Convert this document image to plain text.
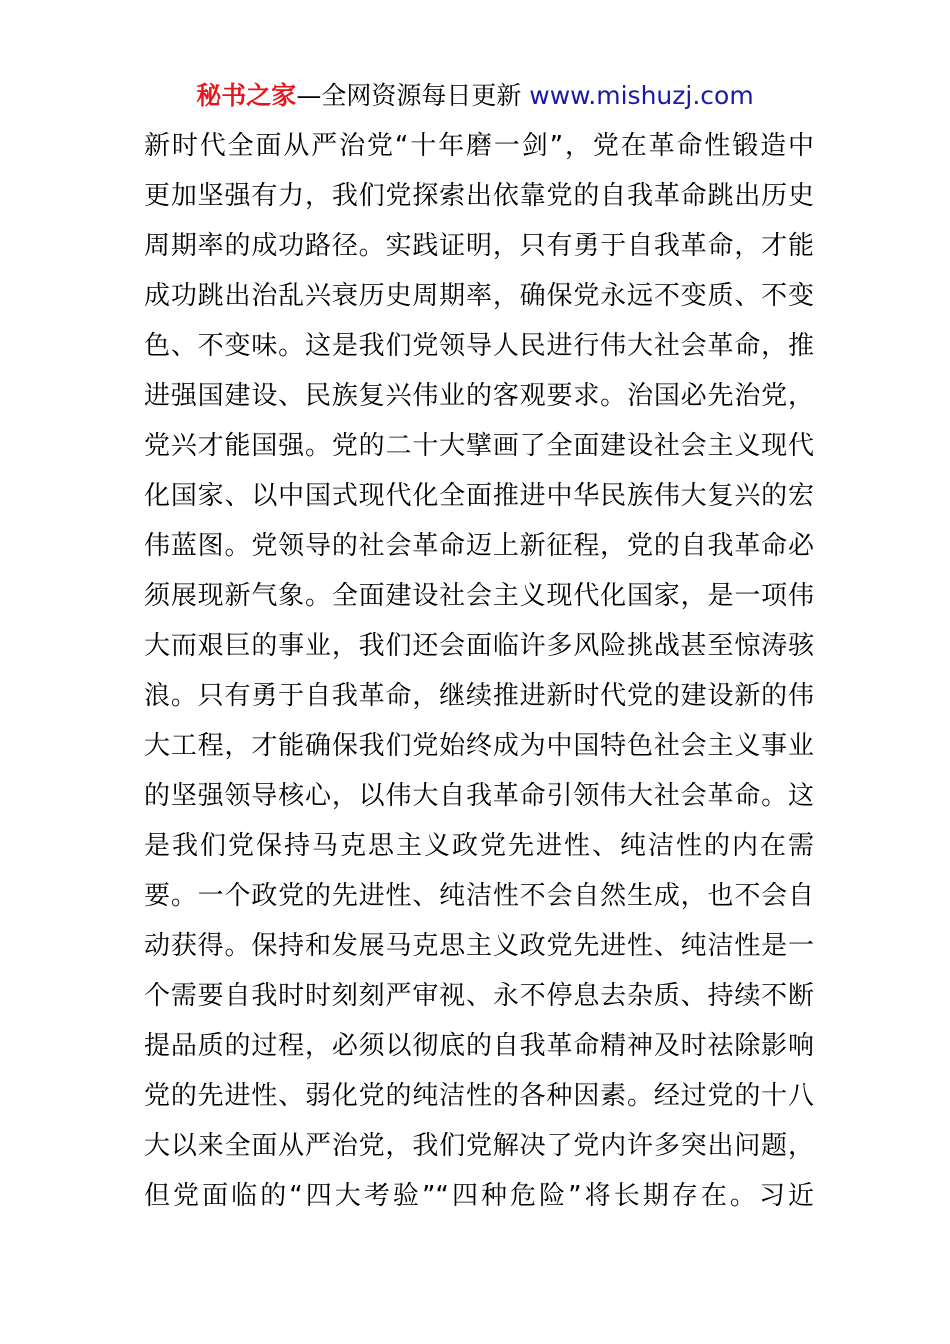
秘书之家—全网资源每日更新 www.mishuzj.com
新时代全面从严治党“十年磨一剑”，党在革命性锻造中
更加坚强有力，我们党探索出依靠党的自我革命跳出历史
周期率的成功路径。实践证明，只有勇于自我革命，才能
成功跳出治乱兴衰历史周期率，确保党永远不变质、不变
色、不变味。这是我们党领导人民进行伟大社会革命，推
进强国建设、民族复兴伟业的客观要求。治国必先治党，
党兴才能国强。党的二十大擘画了全面建设社会主义现代
化国家、以中国式现代化全面推进中华民族伟大复兴的宏
伟蓝图。党领导的社会革命迈上新征程，党的自我革命必
须展现新气象。全面建设社会主义现代化国家，是一项伟
大而艰巨的事业，我们还会面临许多风险挑战甚至惊涛骇
浪。只有勇于自我革命，继续推进新时代党的建设新的伟
大工程，才能确保我们党始终成为中国特色社会主义事业
的坚强领导核心，以伟大自我革命引领伟大社会革命。这
是我们党保持马克思主义政党先进性、纯洁性的内在需
要。一个政党的先进性、纯洁性不会自然生成，也不会自
动获得。保持和发展马克思主义政党先进性、纯洁性是一
个需要自我时时刻刻严审视、永不停息去杂质、持续不断
提品质的过程，必须以彻底的自我革命精神及时祛除影响
党的先进性、弱化党的纯洁性的各种因素。经过党的十八
大以来全面从严治党，我们党解决了党内许多突出问题，
但党面临的“四大考验”“四种危险”将长期存在。习近
